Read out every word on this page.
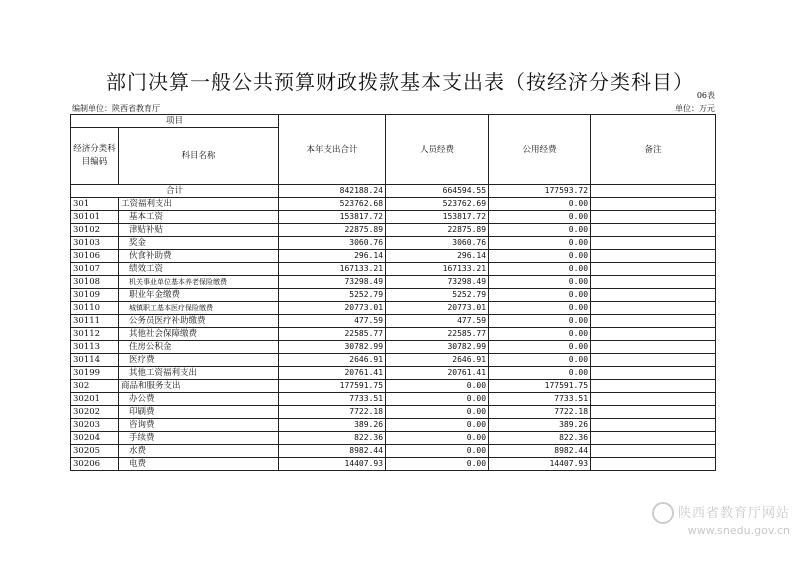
部门决算一般公共预算财政拨款基本支出表（按经济分类科目）
06表
编制单位：陕西省教育厅	单位：万元
项目		本年支出合计	人员经费	公用经费	备注
经济分类科目编码	科目名称				
合计		842188.24	664594.55	177593.72	
301	工资福利支出	523762.68	523762.69	0.00	
30101	基本工资	153817.72	153817.72	0.00	
30102	津贴补贴	22875.89	22875.89	0.00	
30103	奖金	3060.76	3060.76	0.00	
30106	伙食补助费	296.14	296.14	0.00	
30107	绩效工资	167133.21	167133.21	0.00	
30108	机关事业单位基本养老保险缴费	73298.49	73298.49	0.00	
30109	职业年金缴费	5252.79	5252.79	0.00	
30110	城镇职工基本医疗保险缴费	20773.01	20773.01	0.00	
30111	公务员医疗补助缴费	477.59	477.59	0.00	
30112	其他社会保障缴费	22585.77	22585.77	0.00	
30113	住房公积金	30782.99	30782.99	0.00	
30114	医疗费	2646.91	2646.91	0.00	
30199	其他工资福利支出	20761.41	20761.41	0.00	
302	商品和服务支出	177591.75	0.00	177591.75	
30201	办公费	7733.51	0.00	7733.51	
30202	印刷费	7722.18	0.00	7722.18	
30203	咨询费	389.26	0.00	389.26	
30204	手续费	822.36	0.00	822.36	
30205	水费	8982.44	0.00	8982.44	
30206	电费	14407.93	0.00	14407.93	
陕西省教育厅网站
www.snedu.gov.cn
